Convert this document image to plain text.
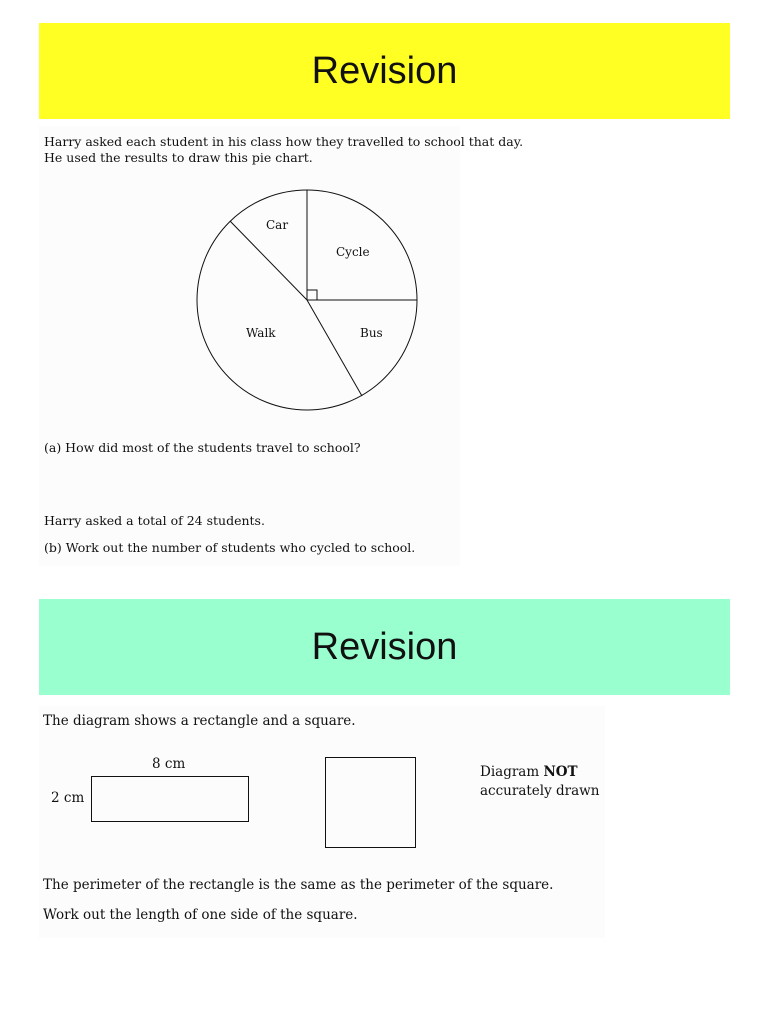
Revision
Harry asked each student in his class how they travelled to school that day.
He used the results to draw this pie chart.
Car
Cycle
Walk	Bus
(a) How did most of the students travel to school?
Harry asked a total of 24 students.
(b) Work out the number of students who cycled to school.
Revision
The diagram shows a rectangle and a square.
8 cm
2 cm
Diagram NOT
accurately drawn
The perimeter of the rectangle is the same as the perimeter of the square.
Work out the length of one side of the square.
